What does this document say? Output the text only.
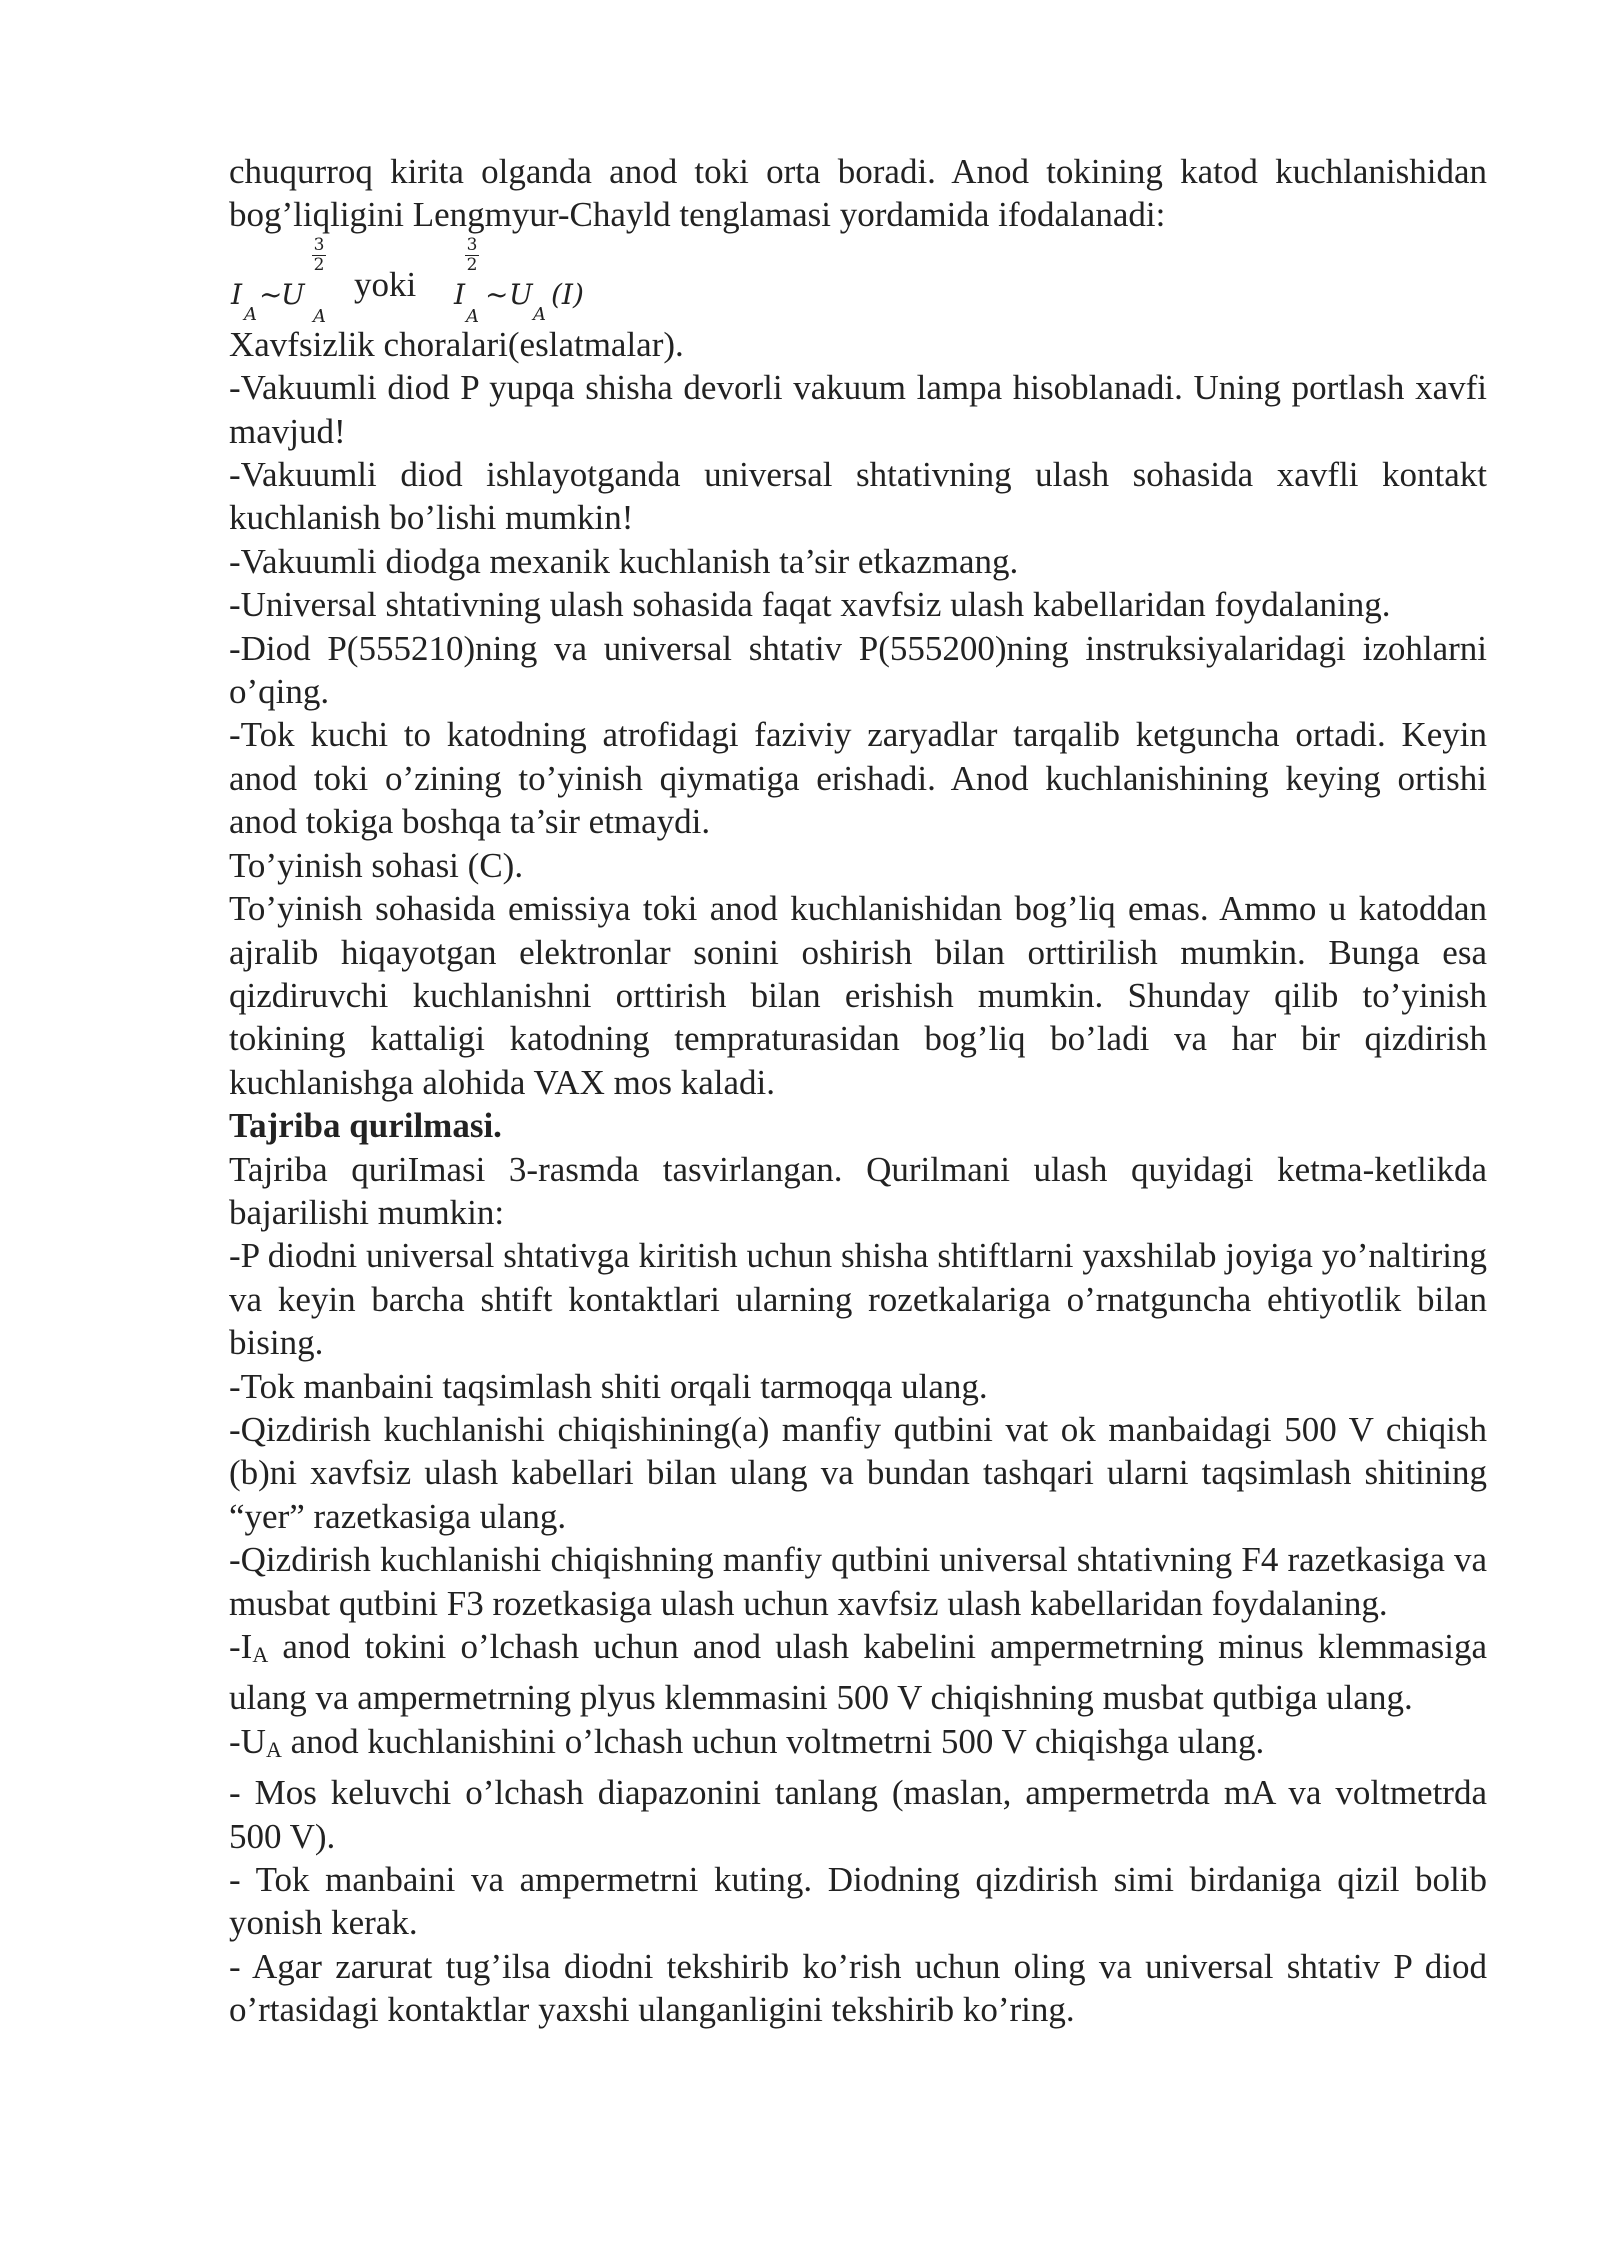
chuqurroq kirita olganda anod toki orta boradi. Anod tokining katod kuchlanishidan bog’liqligini Lengmyur-Chayld tenglamasi yordamida ifodalanadi:

I
A
~
U
A
3
2 yoki I
A
3
2
~ U
A
(I)

Xavfsizlik choralari(eslatmalar).

-Vakuumli diod P yupqa shisha devorli vakuum lampa hisoblanadi. Uning portlash xavfi mavjud!

-Vakuumli diod ishlayotganda universal shtativning ulash sohasida xavfli kontakt kuchlanish bo’lishi mumkin!

-Vakuumli diodga mexanik kuchlanish ta’sir etkazmang.

-Universal shtativning ulash sohasida faqat xavfsiz ulash kabellaridan foydalaning.

-Diod P(555210)ning va universal shtativ P(555200)ning instruksiyalaridagi izohlarni o’qing.

-Tok kuchi to katodning atrofidagi faziviy zaryadlar tarqalib ketguncha ortadi. Keyin anod toki o’zining to’yinish qiymatiga erishadi. Anod kuchlanishining keying ortishi anod tokiga boshqa ta’sir etmaydi.

To’yinish sohasi (C).

To’yinish sohasida emissiya toki anod kuchlanishidan bog’liq emas. Ammo u katoddan ajralib hiqayotgan elektronlar sonini oshirish bilan orttirilish mumkin. Bunga esa qizdiruvchi kuchlanishni orttirish bilan erishish mumkin. Shunday qilib to’yinish tokining kattaligi katodning tempraturasidan bog’liq bo’ladi va har bir qizdirish kuchlanishga alohida VAX mos kaladi.

Tajriba qurilmasi.

Tajriba quriImasi 3-rasmda tasvirlangan. Qurilmani ulash quyidagi ketma-ketlikda bajarilishi mumkin:

-P diodni universal shtativga kiritish uchun shisha shtiftlarni yaxshilab joyiga yo’naltiring va keyin barcha shtift kontaktlari ularning rozetkalariga o’rnatguncha ehtiyotlik bilan bising.

-Tok manbaini taqsimlash shiti orqali tarmoqqa ulang.

-Qizdirish kuchlanishi chiqishining(a) manfiy qutbini vat ok manbaidagi 500 V chiqish (b)ni xavfsiz ulash kabellari bilan ulang va bundan tashqari ularni taqsimlash shitining “yer” razetkasiga ulang.

-Qizdirish kuchlanishi chiqishning manfiy qutbini universal shtativning F4 razetkasiga va musbat qutbini F3 rozetkasiga ulash uchun xavfsiz ulash kabellaridan foydalaning.

-IA anod tokini o’lchash uchun anod ulash kabelini ampermetrning minus klemmasiga ulang va ampermetrning plyus klemmasini 500 V chiqishning musbat qutbiga ulang.

-UA anod kuchlanishini o’lchash uchun voltmetrni 500 V chiqishga ulang.

- Mos keluvchi o’lchash diapazonini tanlang (maslan, ampermetrda mA va voltmetrda 500 V).

- Tok manbaini va ampermetrni kuting. Diodning qizdirish simi birdaniga qizil bolib yonish kerak.

- Agar zarurat tug’ilsa diodni tekshirib ko’rish uchun oling va universal shtativ P diod o’rtasidagi kontaktlar yaxshi ulanganligini tekshirib ko’ring.
